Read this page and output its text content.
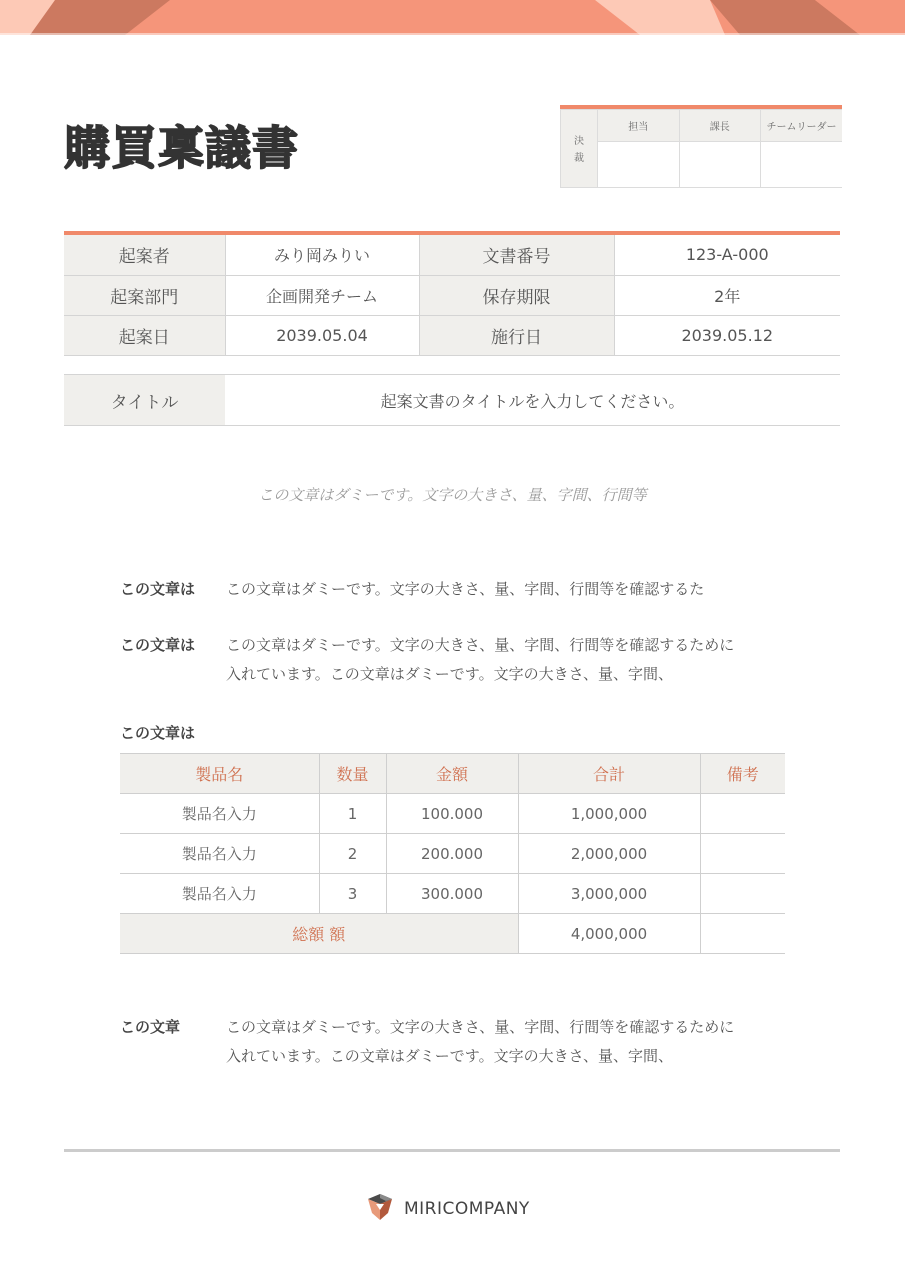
購買稟議書	決
裁	担当	課長	チームリーダー

起案者	みり岡みりい	文書番号	123-A-000
起案部門	企画開発チーム	保存期限	2年
起案日	2039.05.04	施行日	2039.05.12
タイトル	起案文書のタイトルを入力してください。
この文章はダミーです。文字の大きさ、量、字間、行間等
この文章は	この文章はダミーです。文字の大きさ、量、字間、行間等を確認するた
この文章は	この文章はダミーです。文字の大きさ、量、字間、行間等を確認するために
入れています。この文章はダミーです。文字の大きさ、量、字間、
この文章は
製品名	数量	金額	合計	備考
製品名入力	1	100.000	1,000,000	
製品名入力	2	200.000	2,000,000	
製品名入力	3	300.000	3,000,000	
総額 額			4,000,000	
この文章	この文章はダミーです。文字の大きさ、量、字間、行間等を確認するために
入れています。この文章はダミーです。文字の大きさ、量、字間、
MIRICOMPANY
